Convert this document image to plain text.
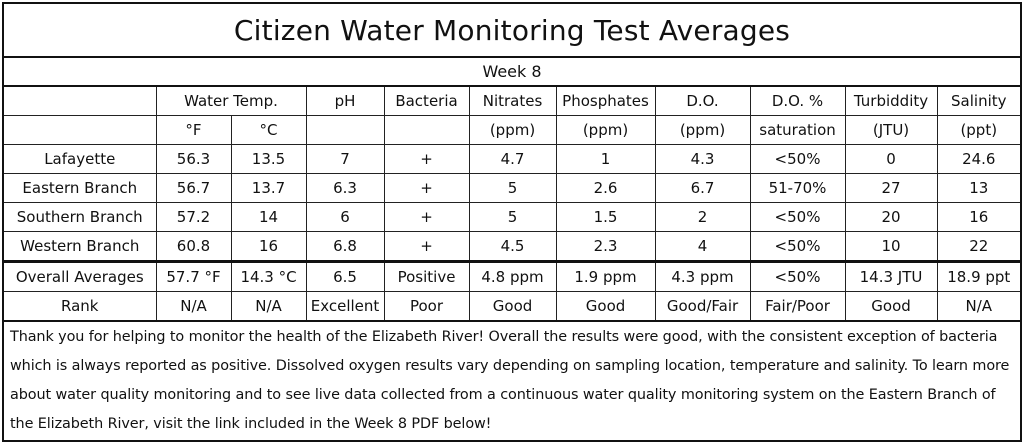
Citizen Water Monitoring Test Averages
Week 8
	Water Temp.		pH	Bacteria	Nitrates	Phosphates	D.O.	D.O. %	Turbiddity	Salinity
	°F	°C			(ppm)	(ppm)	(ppm)	saturation	(JTU)	(ppt)
Lafayette	56.3	13.5	7	+	4.7	1	4.3	<50%	0	24.6
Eastern Branch	56.7	13.7	6.3	+	5	2.6	6.7	51-70%	27	13
Southern Branch	57.2	14	6	+	5	1.5	2	<50%	20	16
Western Branch	60.8	16	6.8	+	4.5	2.3	4	<50%	10	22
Overall Averages	57.7 °F	14.3 °C	6.5	Positive	4.8 ppm	1.9 ppm	4.3 ppm	<50%	14.3 JTU	18.9 ppt
Rank	N/A	N/A	Excellent	Poor	Good	Good	Good/Fair	Fair/Poor	Good	N/A
Thank you for helping to monitor the health of the Elizabeth River! Overall the results were good, with the consistent exception of bacteria which is always reported as positive. Dissolved oxygen results vary depending on sampling location, temperature and salinity. To learn more about water quality monitoring and to see live data collected from a continuous water quality monitoring system on the Eastern Branch of the Elizabeth River, visit the link included in the Week 8 PDF below!
